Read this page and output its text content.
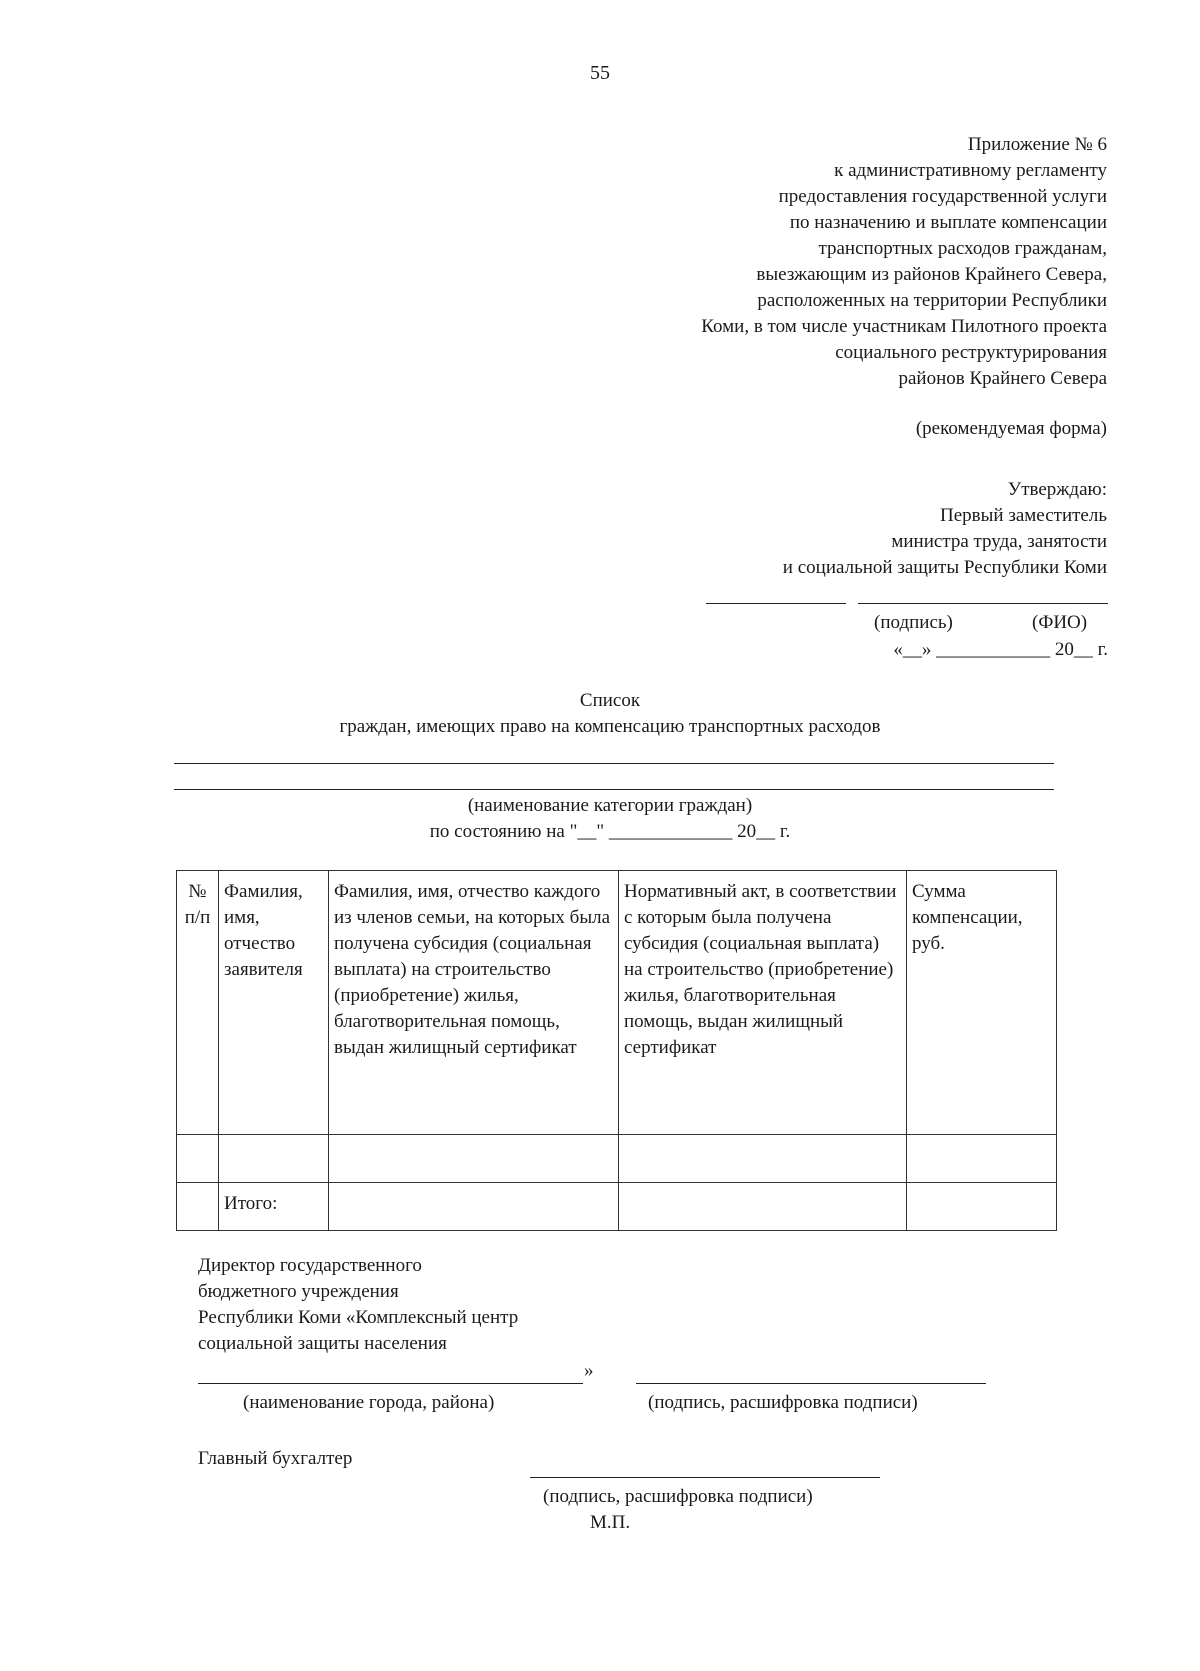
55
Приложение № 6
к административному регламенту
предоставления государственной услуги
по назначению и выплате компенсации
транспортных расходов гражданам,
выезжающим из районов Крайнего Севера,
расположенных на территории Республики
Коми, в том числе участникам Пилотного проекта
социального реструктурирования
районов Крайнего Севера
(рекомендуемая форма)
Утверждаю:
Первый заместитель
министра труда, занятости
и социальной защиты Республики Коми
(подпись)	(ФИО)
«__» ____________ 20__ г.
Список
граждан, имеющих право на компенсацию транспортных расходов
(наименование категории граждан)
по состоянию на "__" _____________ 20__ г.
№ п/п	Фамилия, имя, отчество заявителя	Фамилия, имя, отчество каждого из членов семьи, на которых была получена субсидия (социальная выплата) на строительство (приобретение) жилья, благотворительная помощь, выдан жилищный сертификат	Нормативный акт, в соответствии с которым была получена субсидия (социальная выплата) на строительство (приобретение) жилья, благотворительная помощь, выдан жилищный сертификат	Сумма компенсации, руб.

	Итого:			
Директор государственного
бюджетного учреждения
Республики Коми «Комплексный центр
социальной защиты населения
»
(наименование города, района)	(подпись, расшифровка подписи)
Главный бухгалтер
(подпись, расшифровка подписи)
М.П.
